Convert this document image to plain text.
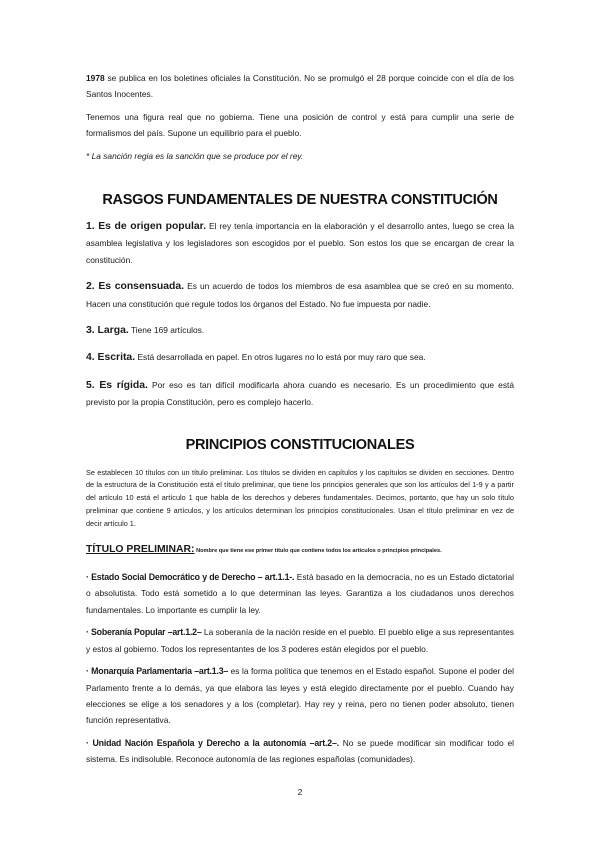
1978 se publica en los boletines oficiales la Constitución. No se promulgó el 28 porque coincide con el día de los Santos Inocentes.

Tenemos una figura real que no gobierna. Tiene una posición de control y está para cumplir una serie de formalismos del país. Supone un equilibrio para el pueblo.

* La sanción regia es la sanción que se produce por el rey.

RASGOS FUNDAMENTALES DE NUESTRA CONSTITUCIÓN

1. Es de origen popular. El rey tenía importancia en la elaboración y el desarrollo antes, luego se crea la asamblea legislativa y los legisladores son escogidos por el pueblo. Son estos los que se encargan de crear la constitución.

2. Es consensuada. Es un acuerdo de todos los miembros de esa asamblea que se creó en su momento. Hacen una constitución que regule todos los órganos del Estado. No fue impuesta por nadie.

3. Larga. Tiene 169 artículos.

4. Escrita. Está desarrollada en papel. En otros lugares no lo está por muy raro que sea.

5. Es rígida. Por eso es tan difícil modificarla ahora cuando es necesario. Es un procedimiento que está previsto por la propia Constitución, pero es complejo hacerlo.

PRINCIPIOS CONSTITUCIONALES

Se establecen 10 títulos con un título preliminar. Los títulos se dividen en capítulos y los capítulos se dividen en secciones. Dentro de la estructura de la Constitución está el título preliminar, que tiene los principios generales que son los artículos del 1-9 y a partir del artículo 10 está el artículo 1 que habla de los derechos y deberes fundamentales. Decimos, portanto, que hay un solo título preliminar que contiene 9 artículos, y los artículos determinan los principios constitucionales. Usan el título preliminar en vez de decir artículo 1.

TÍTULO PRELIMINAR: Nombre que tiene ese primer título que contiene todos los artículos o principios principales.

· Estado Social Democrático y de Derecho – art.1.1-. Está basado en la democracia, no es un Estado dictatorial o absolutista. Todo está sometido a lo que determinan las leyes. Garantiza a los ciudadanos unos derechos fundamentales. Lo importante es cumplir la ley.

· Soberanía Popular –art.1.2– La soberanía de la nación reside en el pueblo. El pueblo elige a sus representantes y estos al gobierno. Todos los representantes de los 3 poderes están elegidos por el pueblo.

· Monarquía Parlamentaria –art.1.3– es la forma política que tenemos en el Estado español. Supone el poder del Parlamento frente a lo demás, ya que elabora las leyes y está elegido directamente por el pueblo. Cuando hay elecciones se elige a los senadores y a los (completar). Hay rey y reina, pero no tienen poder absoluto, tienen función representativa.

· Unidad Nación Española y Derecho a la autonomía –art.2–. No se puede modificar sin modificar todo el sistema. Es indisoluble. Reconoce autonomía de las regiones españolas (comunidades).

2
